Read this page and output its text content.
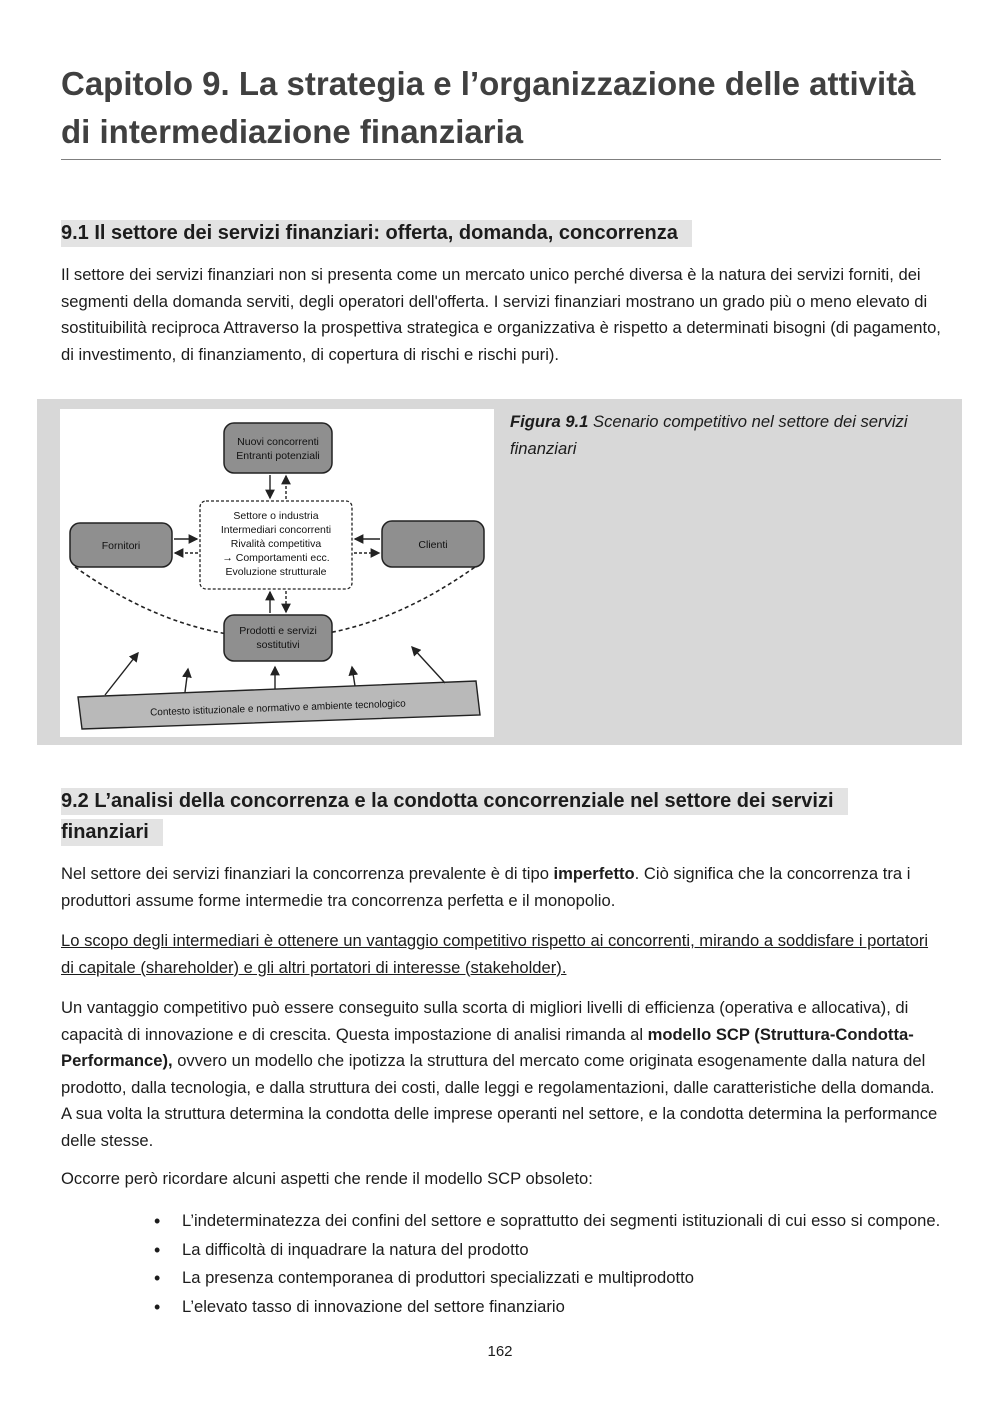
Capitolo 9. La strategia e l’organizzazione delle attività di intermediazione finanziaria
9.1 Il settore dei servizi finanziari: offerta, domanda, concorrenza

Il settore dei servizi finanziari non si presenta come un mercato unico perché diversa è la natura dei servizi forniti, dei segmenti della domanda serviti, degli operatori dell'offerta. I servizi finanziari mostrano un grado più o meno elevato di sostituibilità reciproca Attraverso la prospettiva strategica e organizzativa è rispetto a determinati bisogni (di pagamento, di investimento, di finanziamento, di copertura di rischi e rischi puri).

Nuovi concorrenti
Entranti potenziali
Settore o industria
Intermediari concorrenti
Rivalità competitiva
→ Comportamenti ecc.
Evoluzione strutturale
Fornitori	Clienti
Prodotti e servizi
sostitutivi
Contesto istituzionale e normativo e ambiente tecnologico

Figura 9.1 Scenario competitivo nel settore dei servizi finanziari

9.2 L’analisi della concorrenza e la condotta concorrenziale nel settore dei servizi finanziari

Nel settore dei servizi finanziari la concorrenza prevalente è di tipo imperfetto. Ciò significa che la concorrenza tra i produttori assume forme intermedie tra concorrenza perfetta e il monopolio.

Lo scopo degli intermediari è ottenere un vantaggio competitivo rispetto ai concorrenti, mirando a soddisfare i portatori di capitale (shareholder) e gli altri portatori di interesse (stakeholder).

Un vantaggio competitivo può essere conseguito sulla scorta di migliori livelli di efficienza (operativa e allocativa), di capacità di innovazione e di crescita. Questa impostazione di analisi rimanda al modello SCP (Struttura-Condotta-Performance), ovvero un modello che ipotizza la struttura del mercato come originata esogenamente dalla natura del prodotto, dalla tecnologia, e dalla struttura dei costi, dalle leggi e regolamentazioni, dalle caratteristiche della domanda. A sua volta la struttura determina la condotta delle imprese operanti nel settore, e la condotta determina la performance delle stesse.

Occorre però ricordare alcuni aspetti che rende il modello SCP obsoleto:

• L’indeterminatezza dei confini del settore e soprattutto dei segmenti istituzionali di cui esso si compone.
• La difficoltà di inquadrare la natura del prodotto
• La presenza contemporanea di produttori specializzati e multiprodotto
• L’elevato tasso di innovazione del settore finanziario
162
